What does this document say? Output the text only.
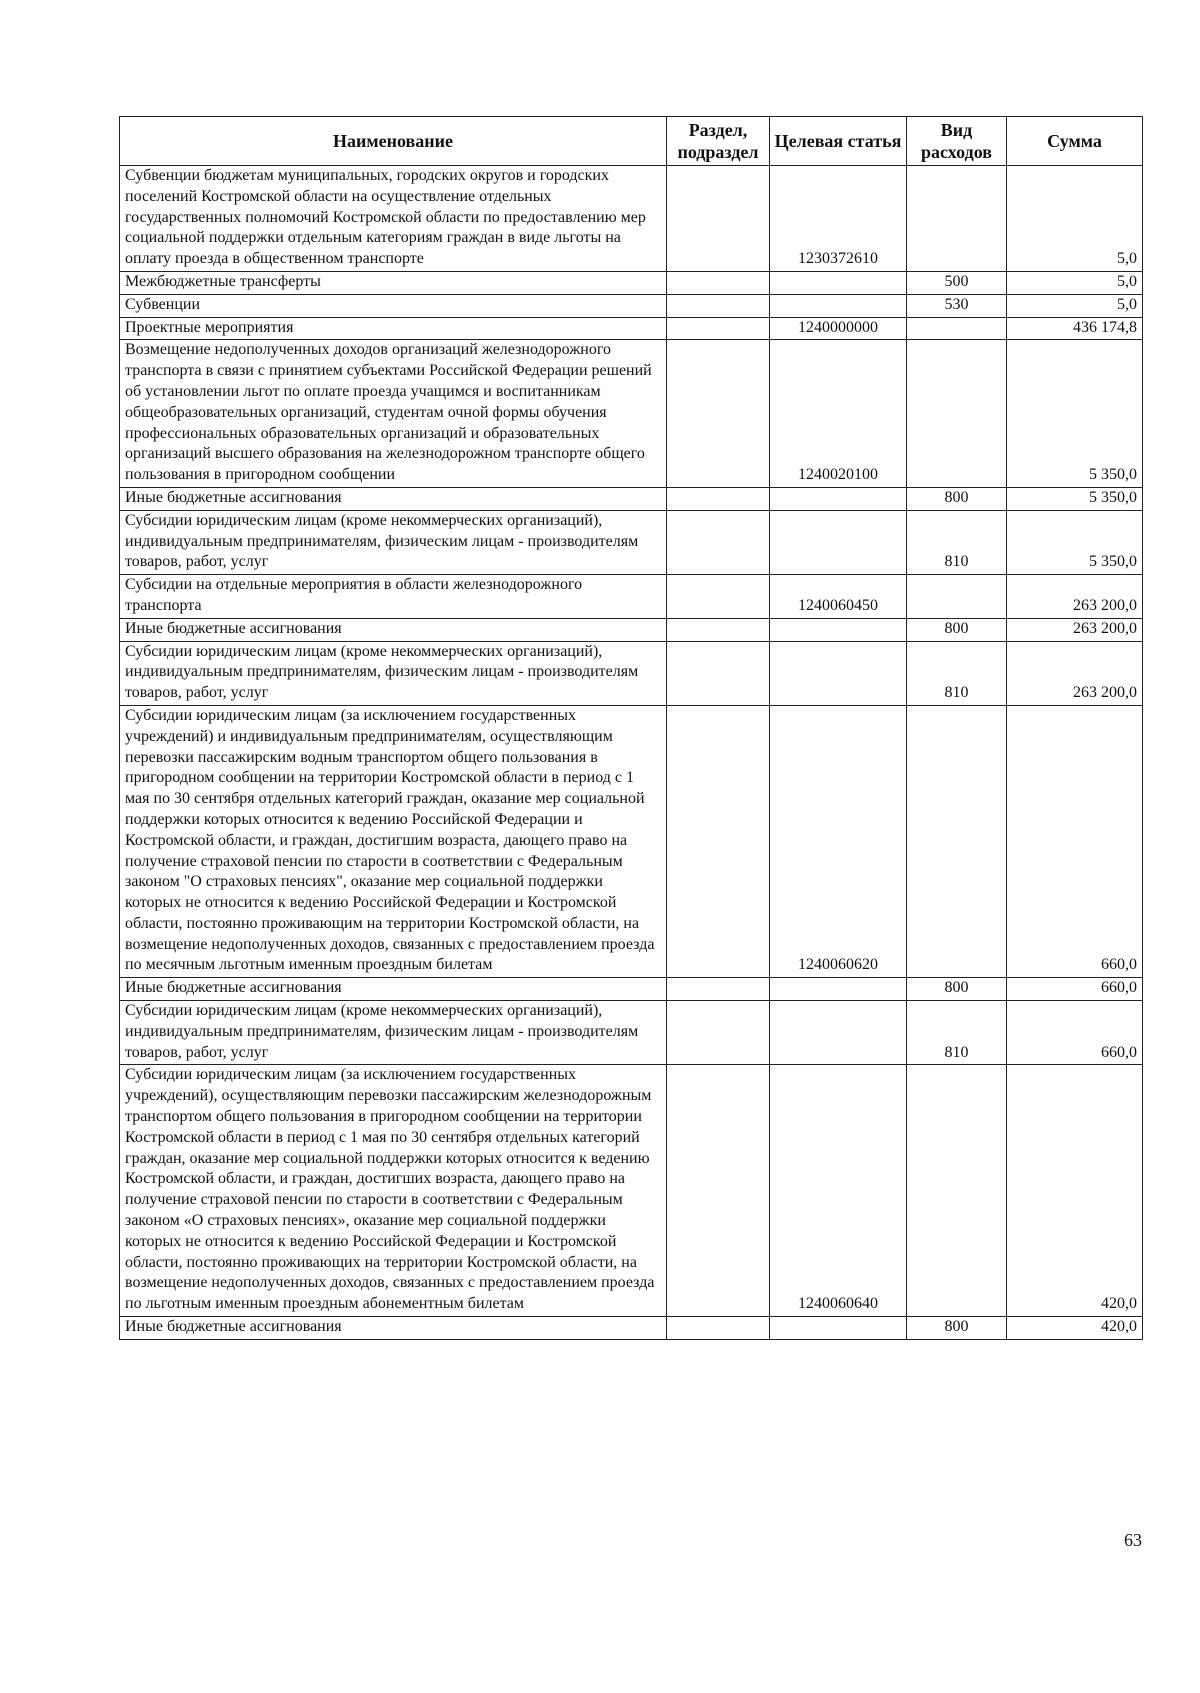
Наименование	Раздел, подраздел	Целевая статья	Вид расходов	Сумма
Субвенции бюджетам муниципальных, городских округов и городских поселений Костромской области на осуществление отдельных государственных полномочий Костромской области по предоставлению мер социальной поддержки отдельным категориям граждан в виде льготы на оплату проезда в общественном транспорте		1230372610		5,0
Межбюджетные трансферты			500	5,0
Субвенции			530	5,0
Проектные мероприятия		1240000000		436 174,8
Возмещение недополученных доходов организаций железнодорожного транспорта в связи с принятием субъектами Российской Федерации решений об установлении льгот по оплате проезда учащимся и воспитанникам общеобразовательных организаций, студентам очной формы обучения профессиональных образовательных организаций и образовательных организаций высшего образования на железнодорожном транспорте общего пользования в пригородном сообщении		1240020100		5 350,0
Иные бюджетные ассигнования			800	5 350,0
Субсидии юридическим лицам (кроме некоммерческих организаций), индивидуальным предпринимателям, физическим лицам - производителям товаров, работ, услуг			810	5 350,0
Субсидии на отдельные мероприятия в области железнодорожного транспорта		1240060450		263 200,0
Иные бюджетные ассигнования			800	263 200,0
Субсидии юридическим лицам (кроме некоммерческих организаций), индивидуальным предпринимателям, физическим лицам - производителям товаров, работ, услуг			810	263 200,0
Субсидии юридическим лицам (за исключением государственных учреждений) и индивидуальным предпринимателям, осуществляющим перевозки пассажирским водным транспортом общего пользования в пригородном сообщении на территории Костромской области в период с 1 мая по 30 сентября отдельных категорий граждан, оказание мер социальной поддержки которых относится к ведению Российской Федерации и Костромской области, и граждан, достигшим возраста, дающего право на получение страховой пенсии по старости в соответствии с Федеральным законом "О страховых пенсиях", оказание мер социальной поддержки которых не относится к ведению Российской Федерации и Костромской области, постоянно проживающим на территории Костромской области, на возмещение недополученных доходов, связанных с предоставлением проезда по месячным льготным именным проездным билетам		1240060620		660,0
Иные бюджетные ассигнования			800	660,0
Субсидии юридическим лицам (кроме некоммерческих организаций), индивидуальным предпринимателям, физическим лицам - производителям товаров, работ, услуг			810	660,0
Субсидии юридическим лицам (за исключением государственных учреждений), осуществляющим перевозки пассажирским железнодорожным транспортом общего пользования в пригородном сообщении на территории Костромской области в период с 1 мая по 30 сентября отдельных категорий граждан, оказание мер социальной поддержки которых относится к ведению Костромской области, и граждан, достигших возраста, дающего право на получение страховой пенсии по старости в соответствии с Федеральным законом «О страховых пенсиях», оказание мер социальной поддержки которых не относится к ведению Российской Федерации и Костромской области, постоянно проживающих на территории Костромской области, на возмещение недополученных доходов, связанных с предоставлением проезда по льготным именным проездным абонементным билетам		1240060640		420,0
Иные бюджетные ассигнования			800	420,0
63
